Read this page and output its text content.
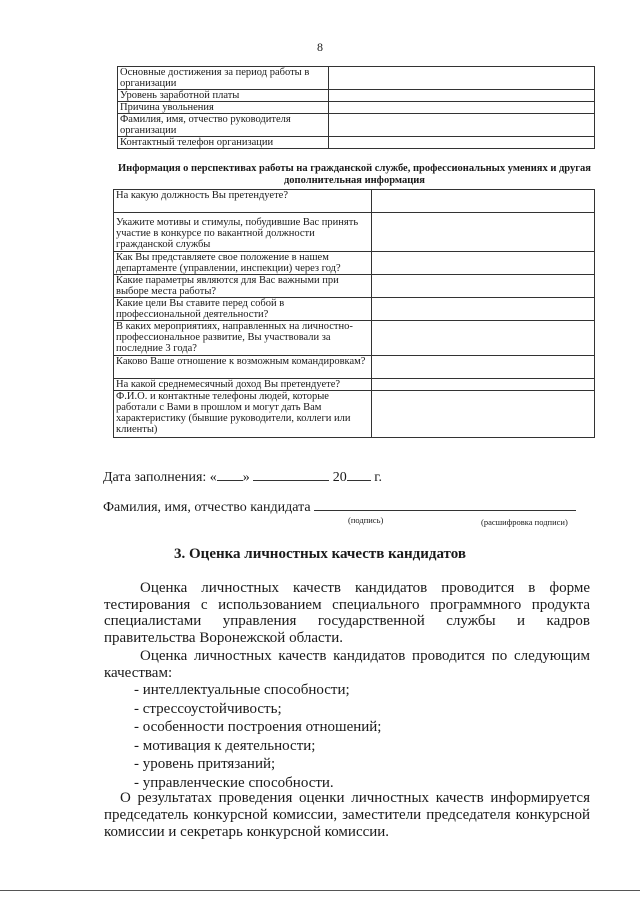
8
Основные достижения за период работы в организации	
Уровень заработной платы	
Причина увольнения	
Фамилия, имя, отчество руководителя организации	
Контактный телефон организации	
Информация о перспективах работы на гражданской службе, профессиональных умениях и другая дополнительная информация
На какую должность Вы претендуете?	
Укажите мотивы и стимулы, побудившие Вас принять участие в конкурсе по вакантной должности гражданской службы	
Как Вы представляете свое положение в нашем департаменте (управлении, инспекции) через год?	
Какие параметры являются для Вас важными при выборе места работы?	
Какие цели Вы ставите перед собой в профессиональной деятельности?	
В каких мероприятиях, направленных на личностно-профессиональное развитие, Вы участвовали за последние 3 года?	
Каково Ваше отношение к возможным командировкам?	
На какой среднемесячный доход Вы претендуете?	
Ф.И.О. и контактные телефоны людей, которые работали с Вами в прошлом и могут дать Вам характеристику (бывшие руководители, коллеги или клиенты)	
Дата заполнения: « »	20 г.
Фамилия, имя, отчество кандидата
(подпись)	(расшифровка подписи)
3. Оценка личностных качеств кандидатов
Оценка личностных качеств кандидатов проводится в форме тестирования с использованием специального программного продукта специалистами управления государственной службы и кадров правительства Воронежской области.
Оценка личностных качеств кандидатов проводится по следующим качествам:
- интеллектуальные способности;
- стрессоустойчивость;
- особенности построения отношений;
- мотивация к деятельности;
- уровень притязаний;
- управленческие способности.
О результатах проведения оценки личностных качеств информируется председатель конкурсной комиссии, заместители председателя конкурсной комиссии и секретарь конкурсной комиссии.
